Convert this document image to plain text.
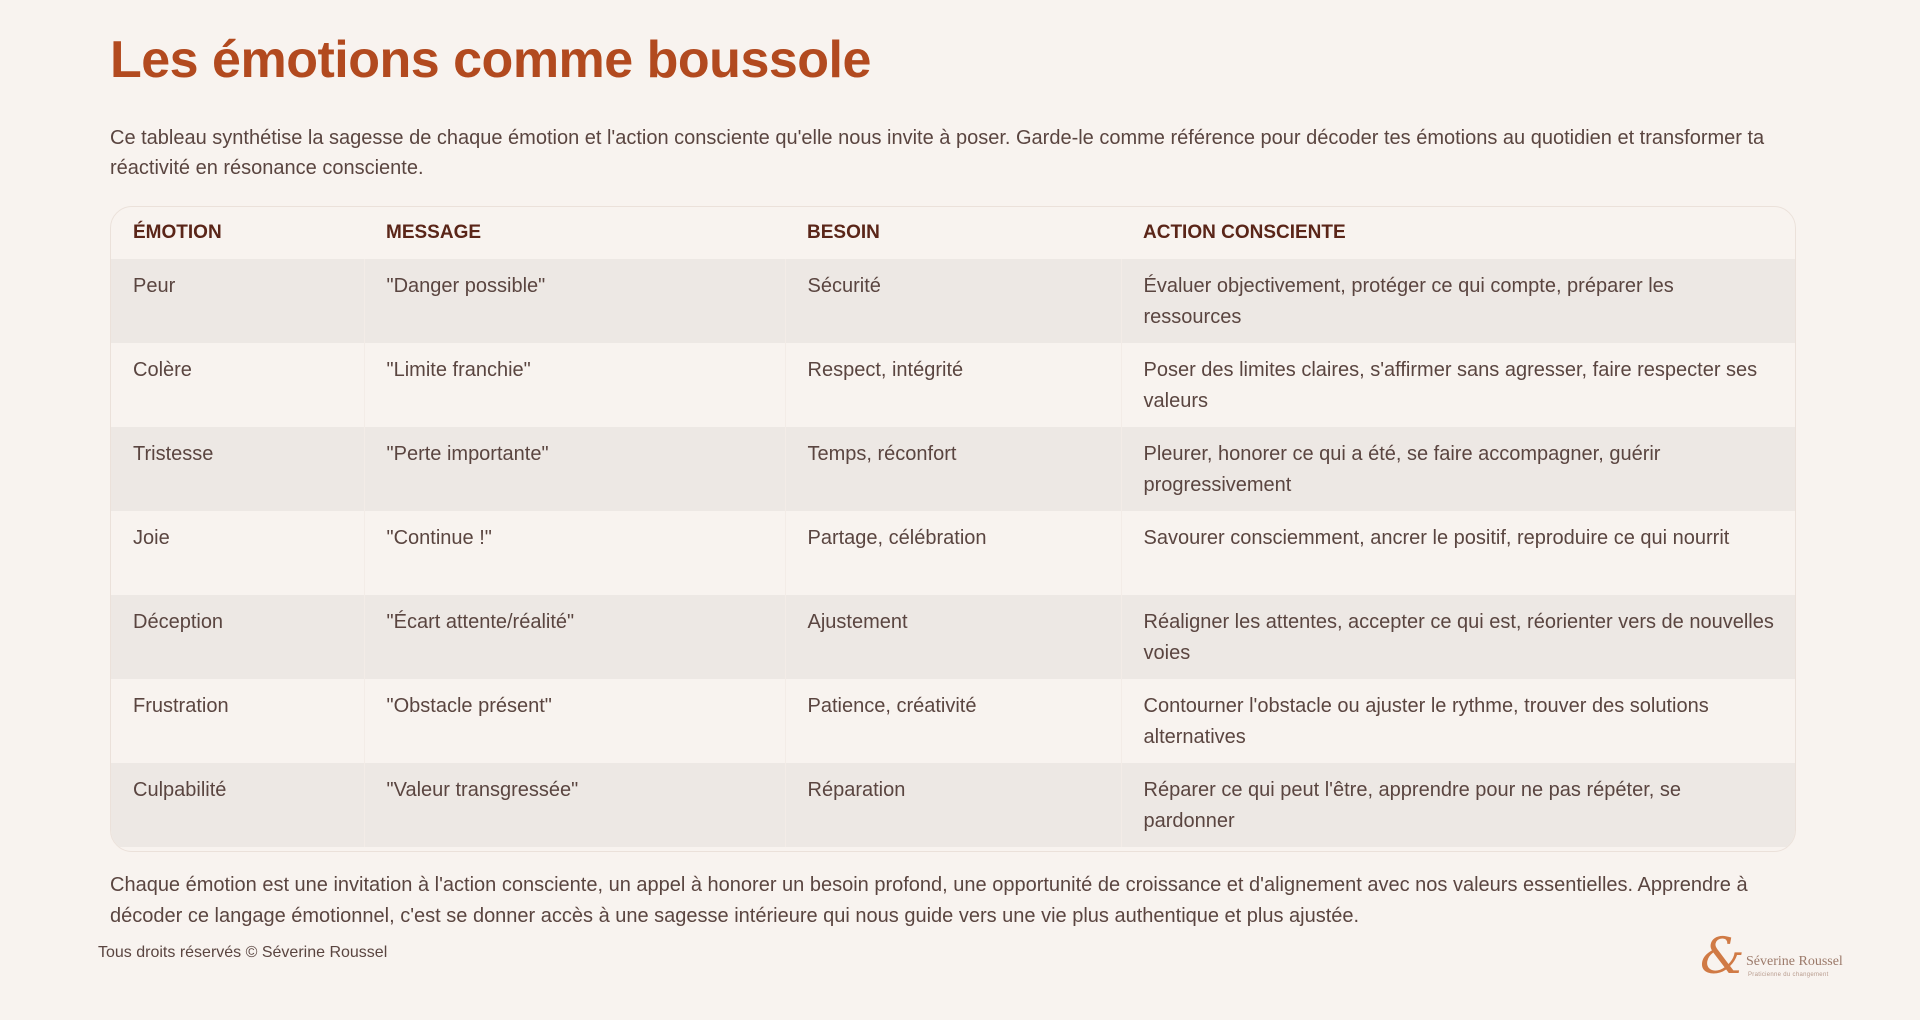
Les émotions comme boussole

Ce tableau synthétise la sagesse de chaque émotion et l'action consciente qu'elle nous invite à poser. Garde-le comme référence pour décoder tes émotions au quotidien et transformer ta réactivité en résonance consciente.

ÉMOTION	MESSAGE	BESOIN	ACTION CONSCIENTE
Peur	"Danger possible"	Sécurité	Évaluer objectivement, protéger ce qui compte, préparer les ressources
Colère	"Limite franchie"	Respect, intégrité	Poser des limites claires, s'affirmer sans agresser, faire respecter ses valeurs
Tristesse	"Perte importante"	Temps, réconfort	Pleurer, honorer ce qui a été, se faire accompagner, guérir progressivement
Joie	"Continue !"	Partage, célébration	Savourer consciemment, ancrer le positif, reproduire ce qui nourrit
Déception	"Écart attente/réalité"	Ajustement	Réaligner les attentes, accepter ce qui est, réorienter vers de nouvelles voies
Frustration	"Obstacle présent"	Patience, créativité	Contourner l'obstacle ou ajuster le rythme, trouver des solutions alternatives
Culpabilité	"Valeur transgressée"	Réparation	Réparer ce qui peut l'être, apprendre pour ne pas répéter, se pardonner

Chaque émotion est une invitation à l'action consciente, un appel à honorer un besoin profond, une opportunité de croissance et d'alignement avec nos valeurs essentielles. Apprendre à décoder ce langage émotionnel, c'est se donner accès à une sagesse intérieure qui nous guide vers une vie plus authentique et plus ajustée.

Tous droits réservés © Séverine Roussel	& Séverine Roussel
Praticienne du changement
